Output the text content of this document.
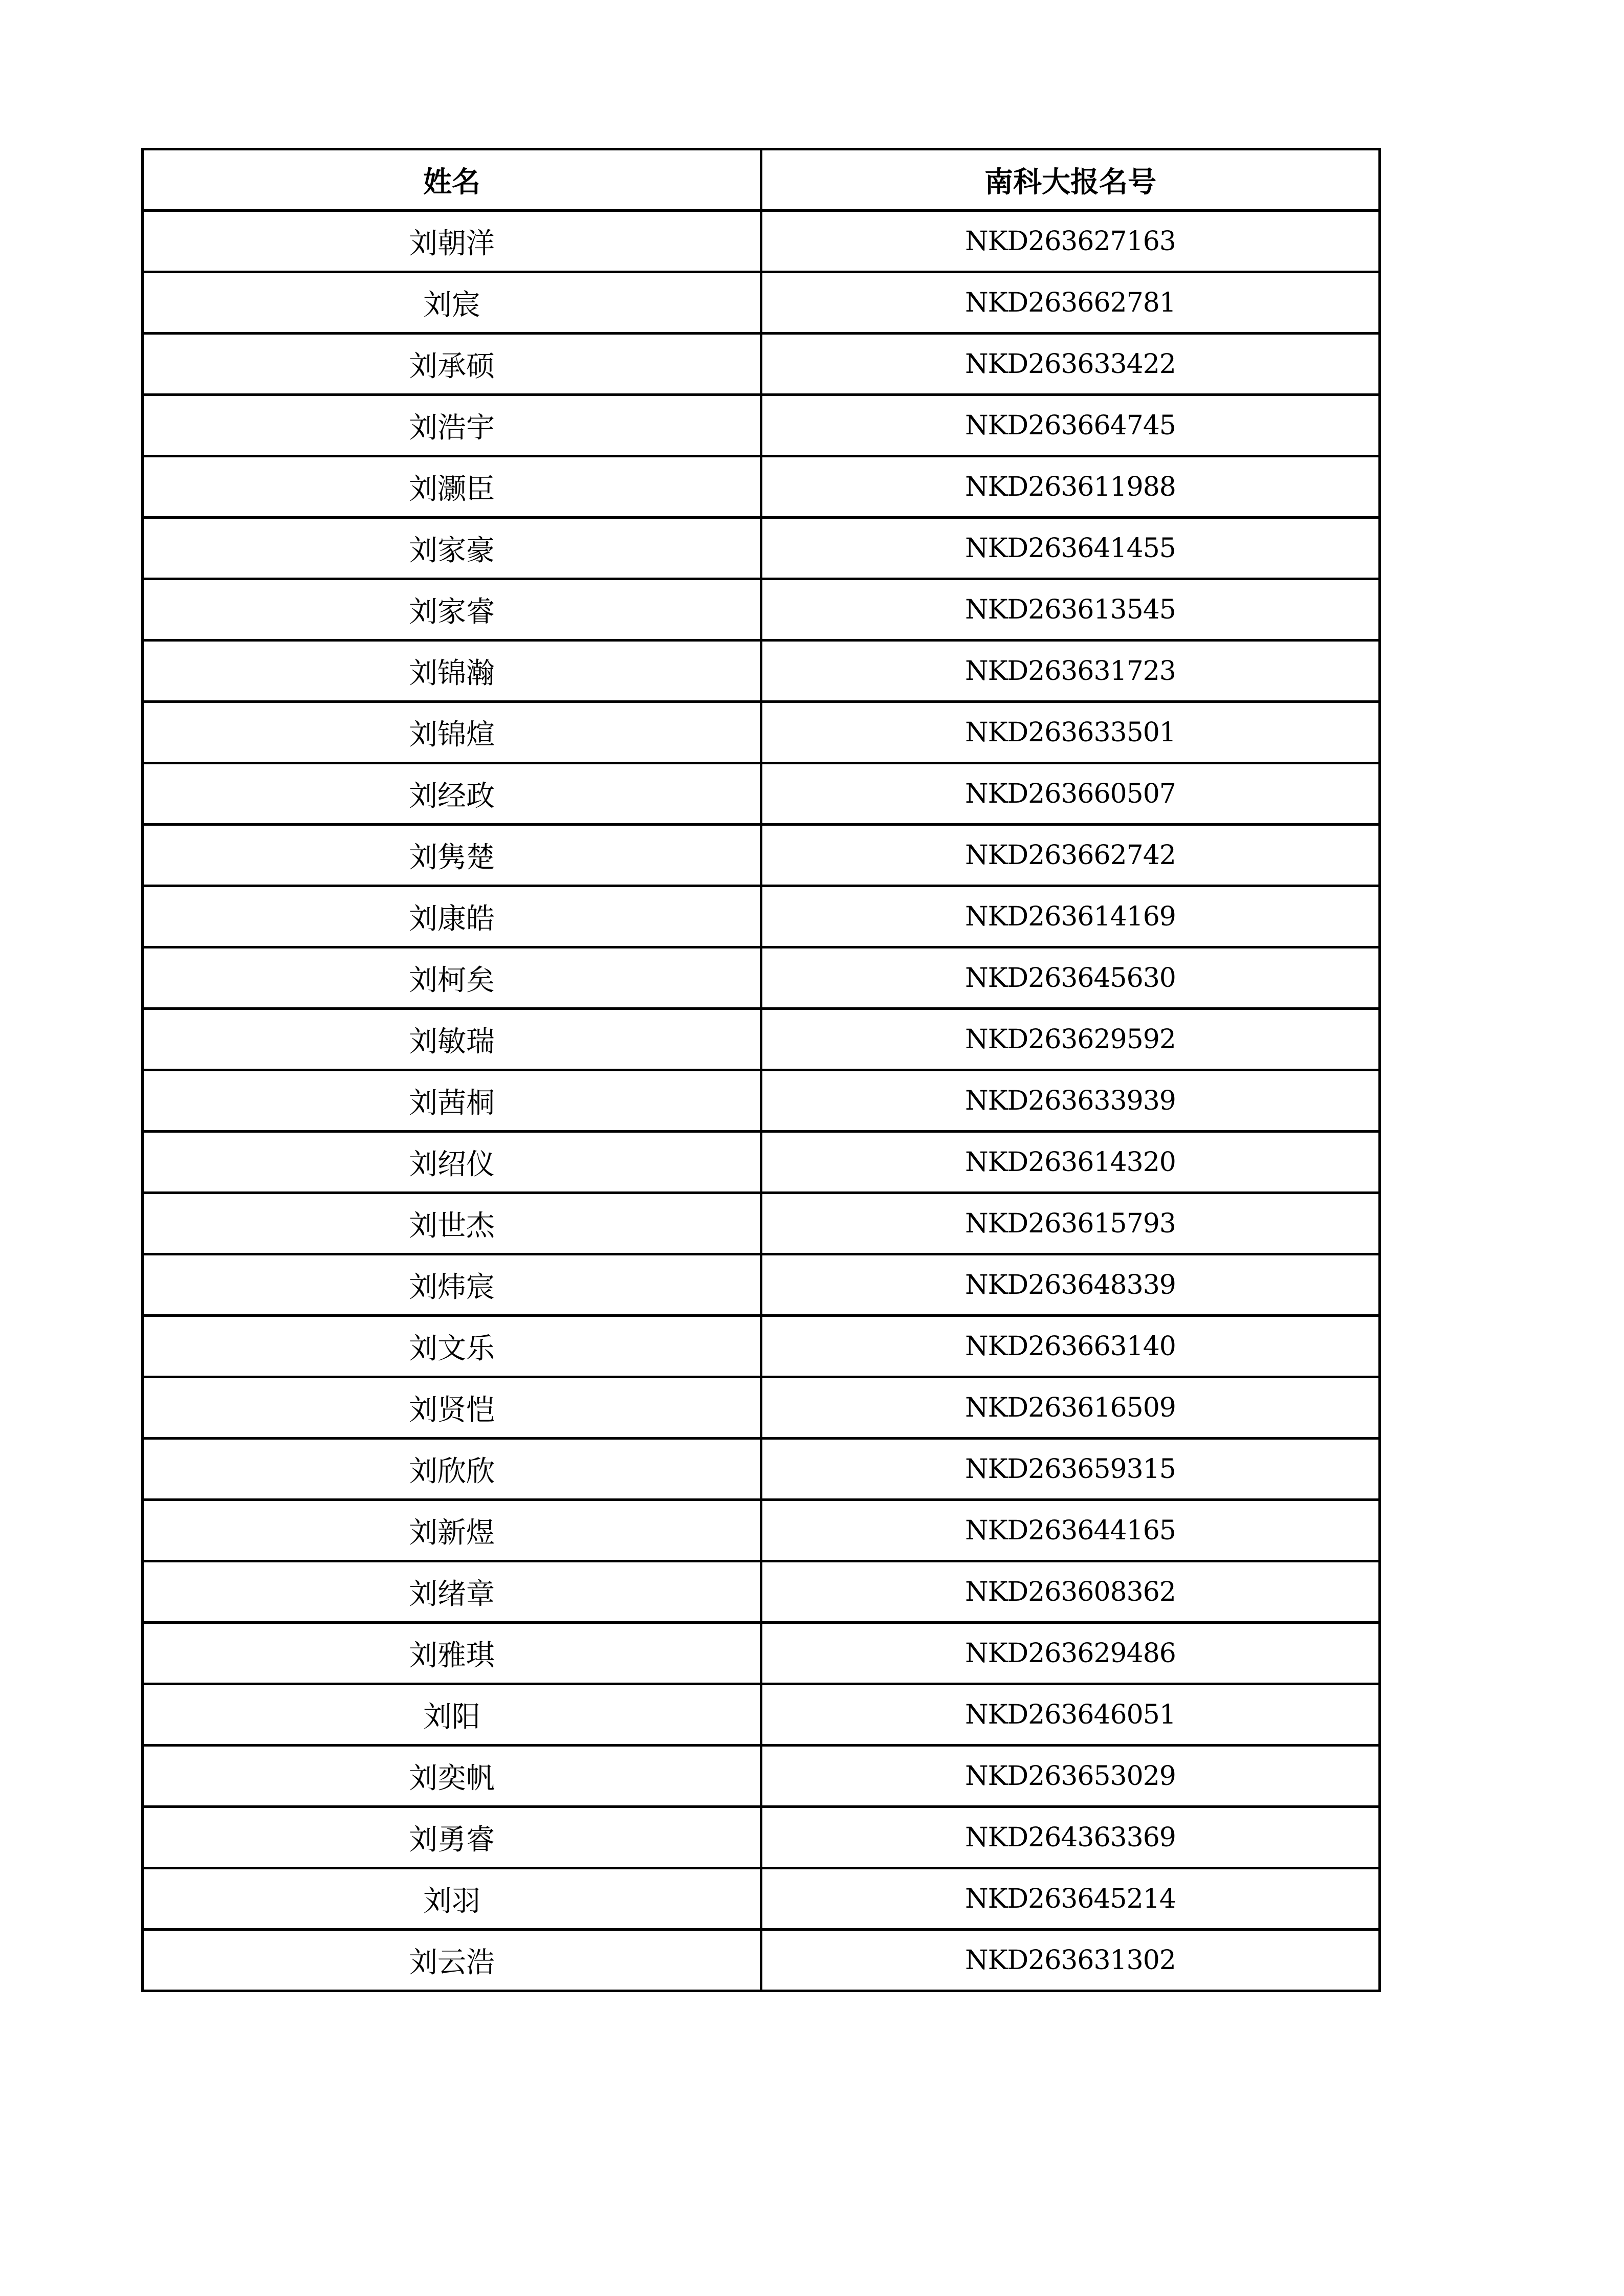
姓名	南科大报名号
刘朝洋	NKD263627163
刘宸	NKD263662781
刘承硕	NKD263633422
刘浩宇	NKD263664745
刘灏臣	NKD263611988
刘家豪	NKD263641455
刘家睿	NKD263613545
刘锦瀚	NKD263631723
刘锦煊	NKD263633501
刘经政	NKD263660507
刘隽楚	NKD263662742
刘康皓	NKD263614169
刘柯矣	NKD263645630
刘敏瑞	NKD263629592
刘茜桐	NKD263633939
刘绍仪	NKD263614320
刘世杰	NKD263615793
刘炜宸	NKD263648339
刘文乐	NKD263663140
刘贤恺	NKD263616509
刘欣欣	NKD263659315
刘新煜	NKD263644165
刘绪章	NKD263608362
刘雅琪	NKD263629486
刘阳	NKD263646051
刘奕帆	NKD263653029
刘勇睿	NKD264363369
刘羽	NKD263645214
刘云浩	NKD263631302
